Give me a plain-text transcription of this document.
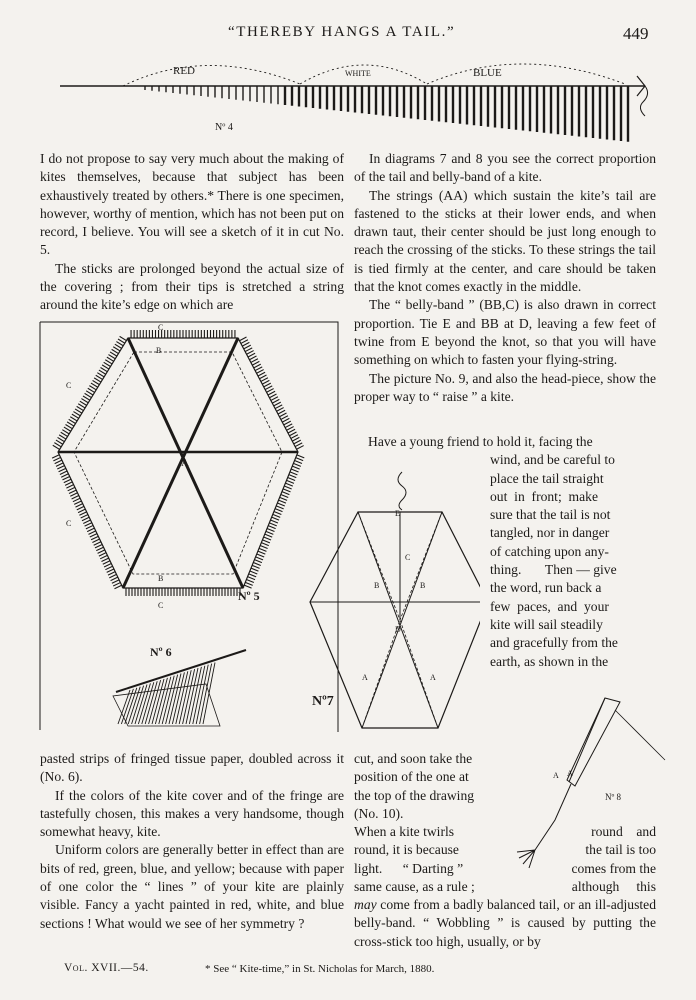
“THEREBY HANGS A TAIL.”	449
RED	WHITE	BLUE
Nº 4

I do not propose to say very much about the making of kites themselves, because that subject has been exhaustively treated by others.* There is one specimen, however, worthy of mention, which has not been put on record, I believe. You will see a sketch of it in cut No. 5.

The sticks are prolonged beyond the actual size of the covering ; from their tips is stretched a string around the kite’s edge on which are

A
B
B
C
C
C
C
Nº 5
Nº 6
E
C
B	B
D
A	A
Nº7
A A
Nº 8

pasted strips of fringed tissue paper, doubled across it (No. 6).

If the colors of the kite cover and of the fringe are tastefully chosen, this makes a very handsome, though somewhat heavy, kite.

Uniform colors are generally better in effect than are bits of red, green, blue, and yellow; because with paper of one color the “ lines ” of your kite are plainly visible. Fancy a yacht painted in red, white, and blue sections ! What would we see of her symmetry ?

In diagrams 7 and 8 you see the correct proportion of the tail and belly-band of a kite.

The strings (AA) which sustain the kite’s tail are fastened to the sticks at their lower ends, and when drawn taut, their center should be just long enough to reach the crossing of the sticks. To these strings the tail is tied firmly at the center, and care should be taken that the knot comes exactly in the middle.

The “ belly-band ” (BB,C) is also drawn in correct proportion. Tie E and BB at D, leaving a few feet of twine from E beyond the knot, so that you will have something on which to fasten your flying-string.

The picture No. 9, and also the head-piece, show the proper way to “ raise ” a kite.

Have a young friend to hold it, facing the
wind, and be careful to
place the tail straight
out  in  front;  make
sure that the tail is not
tangled, nor in danger
of catching upon any-
thing.       Then — give
the word, run back a
few  paces,  and  your
kite will sail steadily
and gracefully from the
earth, as shown in the
cut, and soon take the
position of the one at
the top of the drawing
(No. 10).
When a kite twirls	round    and
round, it is because	the tail is too
light.      “ Darting ”	comes from the
same cause, as a rule ;	although     this
may come from a badly balanced tail, or an ill-adjusted belly-band. “ Wobbling ” is caused by putting the cross-stick too high, usually, or by
Vol. XVII.—54.	* See “ Kite-time,” in St. Nicholas for March, 1880.
